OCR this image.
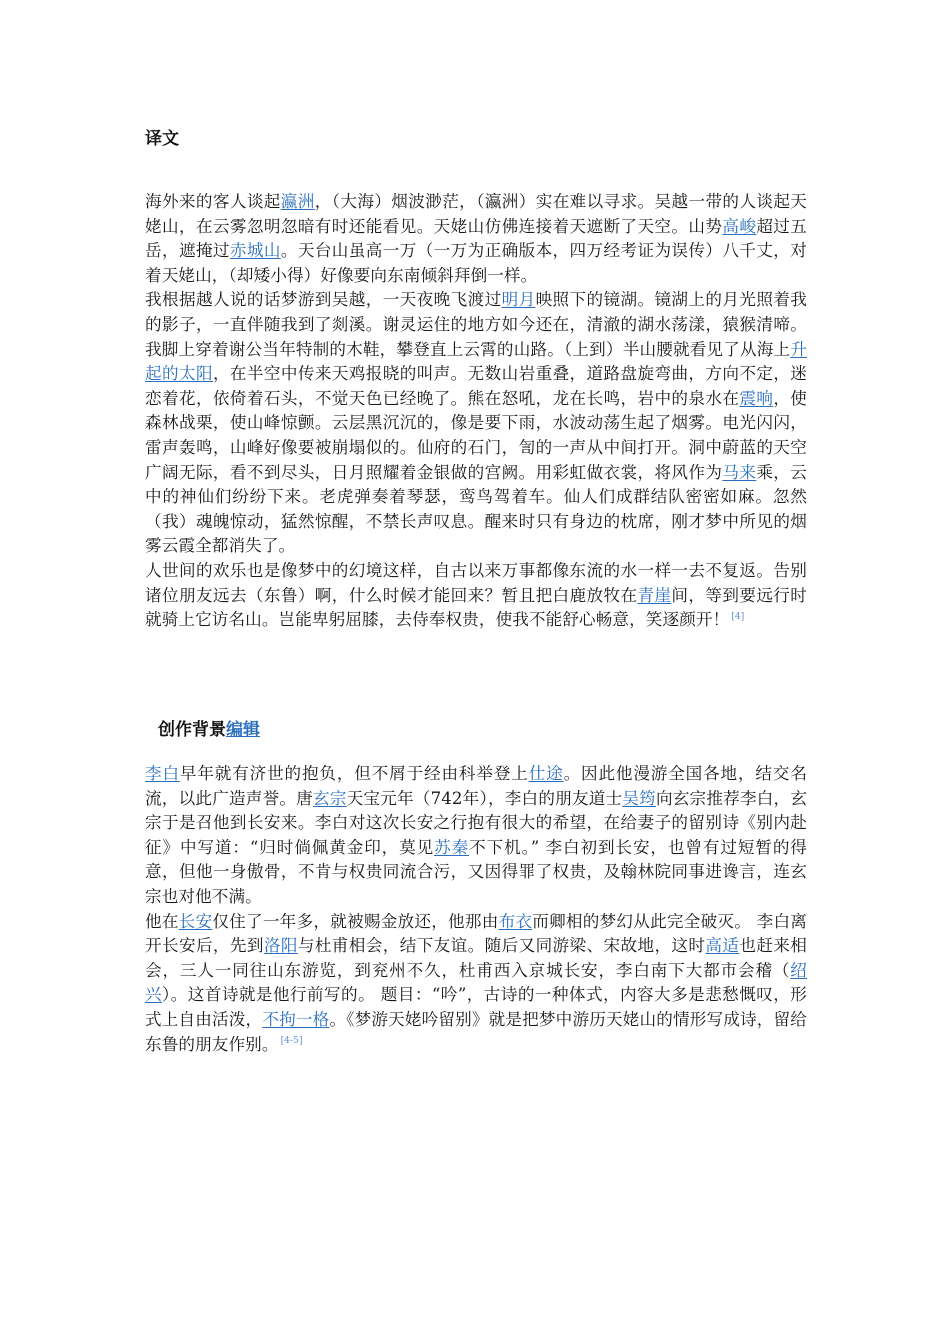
译文

海外来的客人谈起瀛洲，（大海）烟波渺茫，（瀛洲）实在难以寻求。吴越一带的人谈起天姥山，在云雾忽明忽暗有时还能看见。天姥山仿佛连接着天遮断了天空。山势高峻超过五岳，遮掩过赤城山。天台山虽高一万（一万为正确版本，四万经考证为误传）八千丈，对着天姥山，（却矮小得）好像要向东南倾斜拜倒一样。

我根据越人说的话梦游到吴越，一天夜晚飞渡过明月映照下的镜湖。镜湖上的月光照着我的影子，一直伴随我到了剡溪。谢灵运住的地方如今还在，清澈的湖水荡漾，猿猴清啼。我脚上穿着谢公当年特制的木鞋，攀登直上云霄的山路。（上到）半山腰就看见了从海上升起的太阳，在半空中传来天鸡报晓的叫声。无数山岩重叠，道路盘旋弯曲，方向不定，迷恋着花，依倚着石头，不觉天色已经晚了。熊在怒吼，龙在长鸣，岩中的泉水在震响，使森林战栗，使山峰惊颤。云层黑沉沉的，像是要下雨，水波动荡生起了烟雾。电光闪闪，雷声轰鸣，山峰好像要被崩塌似的。仙府的石门，訇的一声从中间打开。洞中蔚蓝的天空广阔无际，看不到尽头，日月照耀着金银做的宫阙。用彩虹做衣裳，将风作为马来乘，云中的神仙们纷纷下来。老虎弹奏着琴瑟，鸾鸟驾着车。仙人们成群结队密密如麻。忽然（我）魂魄惊动，猛然惊醒，不禁长声叹息。醒来时只有身边的枕席，刚才梦中所见的烟雾云霞全都消失了。

人世间的欢乐也是像梦中的幻境这样，自古以来万事都像东流的水一样一去不复返。告别诸位朋友远去（东鲁）啊，什么时候才能回来？暂且把白鹿放牧在青崖间，等到要远行时就骑上它访名山。岂能卑躬屈膝，去侍奉权贵，使我不能舒心畅意，笑逐颜开！ [4]

创作背景编辑

李白早年就有济世的抱负，但不屑于经由科举登上仕途。因此他漫游全国各地，结交名流，以此广造声誉。唐玄宗天宝元年（742年），李白的朋友道士吴筠向玄宗推荐李白，玄宗于是召他到长安来。李白对这次长安之行抱有很大的希望，在给妻子的留别诗《别内赴征》中写道：“归时倘佩黄金印，莫见苏秦不下机。” 李白初到长安，也曾有过短暂的得意，但他一身傲骨，不肯与权贵同流合污，又因得罪了权贵，及翰林院同事进谗言，连玄宗也对他不满。

他在长安仅住了一年多，就被赐金放还，他那由布衣而卿相的梦幻从此完全破灭。 李白离开长安后，先到洛阳与杜甫相会，结下友谊。随后又同游梁、宋故地，这时高适也赶来相会，三人一同往山东游览，到兖州不久，杜甫西入京城长安，李白南下大都市会稽（绍兴）。这首诗就是他行前写的。 题目：“吟”，古诗的一种体式，内容大多是悲愁慨叹，形式上自由活泼，不拘一格。《梦游天姥吟留别》就是把梦中游历天姥山的情形写成诗，留给东鲁的朋友作别。 [4-5]
